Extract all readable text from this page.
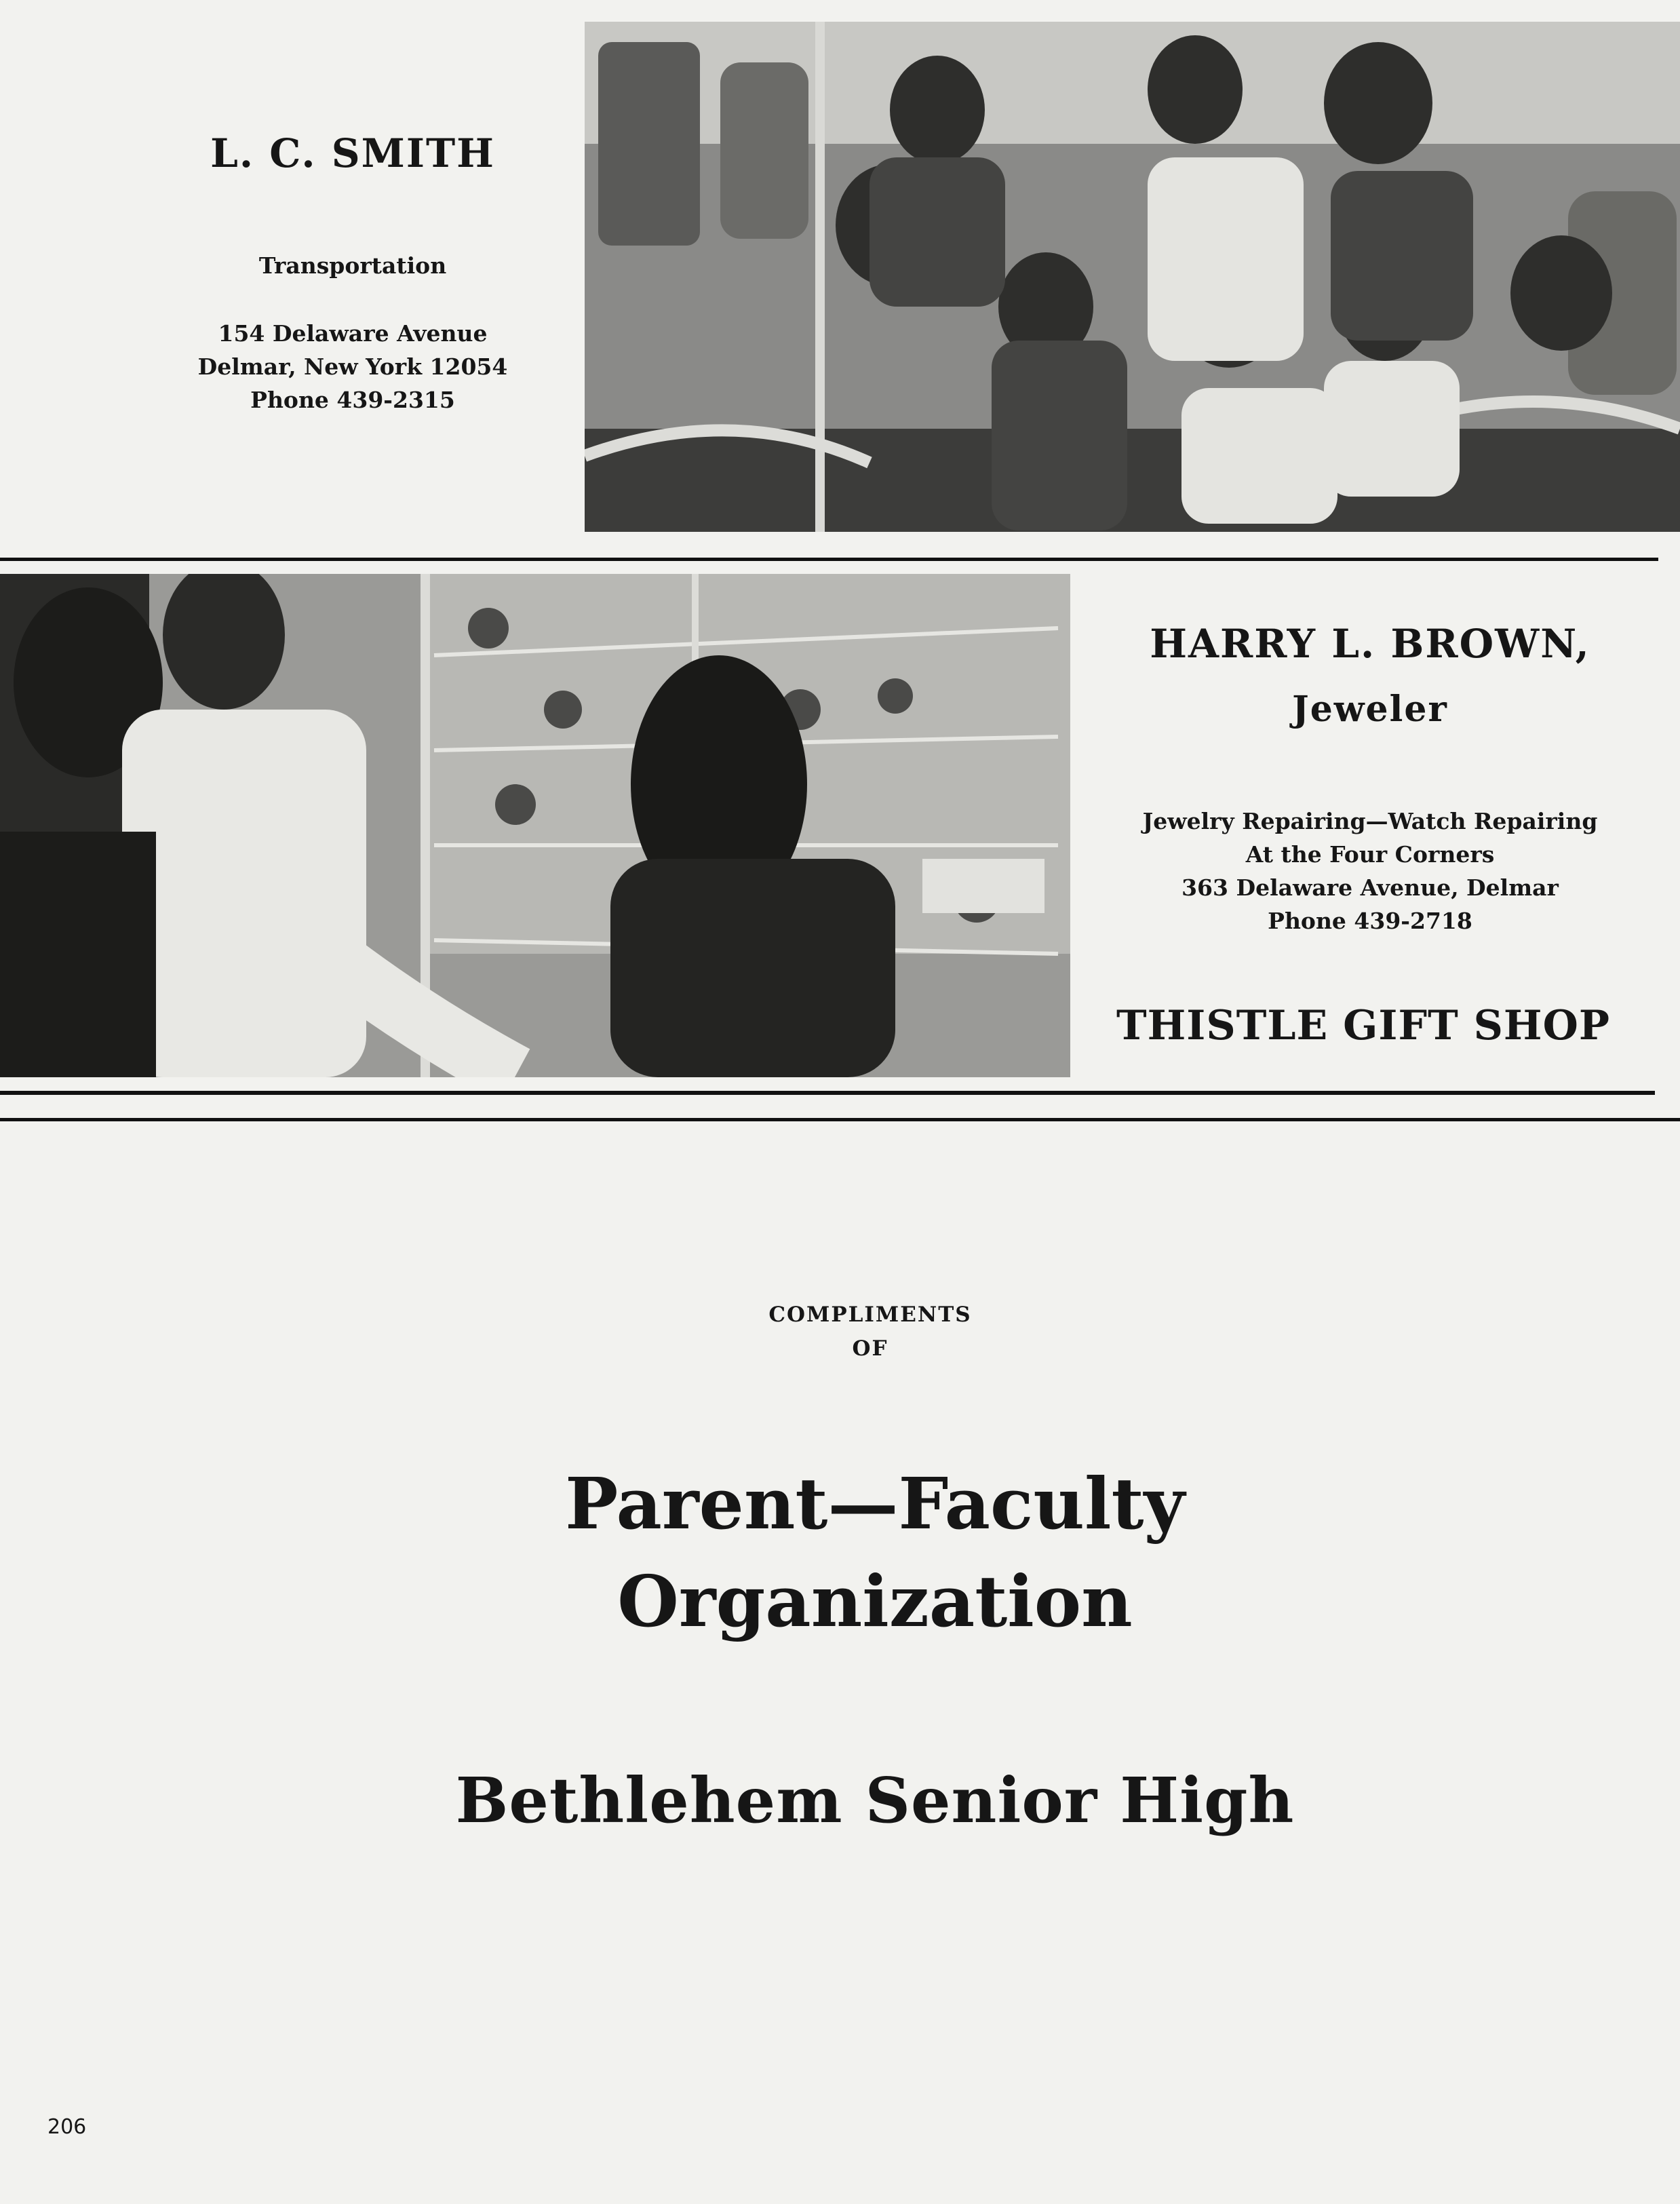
L. C. SMITH
Transportation
154 Delaware Avenue
Delmar, New York 12054
Phone 439-2315
HARRY L. BROWN,
Jeweler
Jewelry Repairing—Watch Repairing
At the Four Corners
363 Delaware Avenue, Delmar
Phone 439-2718
THISTLE GIFT SHOP
COMPLIMENTS
OF
Parent—Faculty
Organization
Bethlehem Senior High
206
